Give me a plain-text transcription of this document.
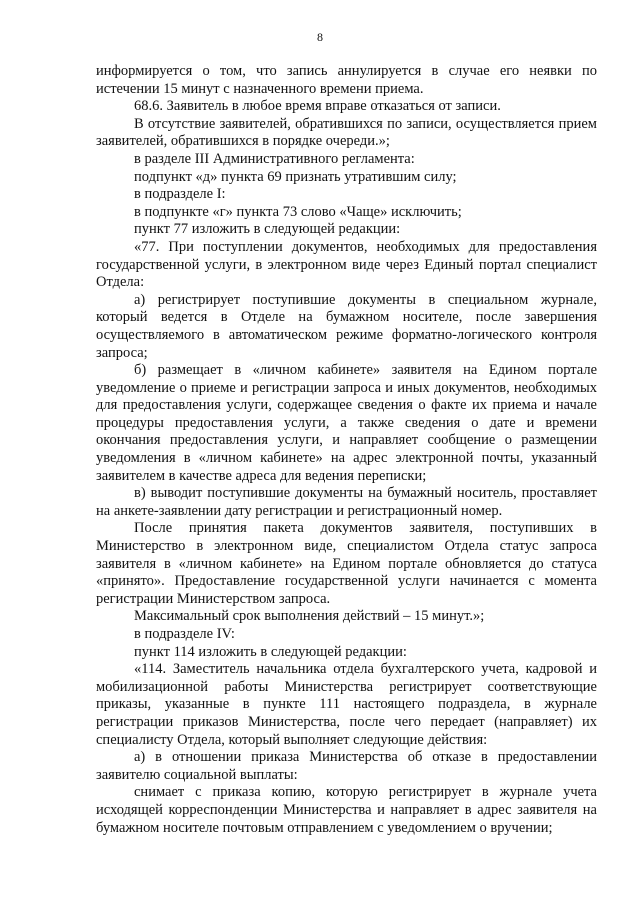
8

информируется о том, что запись аннулируется в случае его неявки по истечении 15 минут с назначенного времени приема.

68.6. Заявитель в любое время вправе отказаться от записи.

В отсутствие заявителей, обратившихся по записи, осуществляется прием заявителей, обратившихся в порядке очереди.»;

в разделе III Административного регламента:

подпункт «д» пункта 69 признать утратившим силу;

в подразделе I:

в подпункте «г» пункта 73 слово «Чаще» исключить;

пункт 77 изложить в следующей редакции:

«77. При поступлении документов, необходимых для предоставления государственной услуги, в электронном виде через Единый портал специалист Отдела:

а) регистрирует поступившие документы в специальном журнале, который ведется в Отделе на бумажном носителе, после завершения осуществляемого в автоматическом режиме форматно-логического контроля запроса;

б) размещает в «личном кабинете» заявителя на Едином портале уведомление о приеме и регистрации запроса и иных документов, необходимых для предоставления услуги, содержащее сведения о факте их приема и начале процедуры предоставления услуги, а также сведения о дате и времени окончания предоставления услуги, и направляет сообщение о размещении уведомления в «личном кабинете» на адрес электронной почты, указанный заявителем в качестве адреса для ведения переписки;

в) выводит поступившие документы на бумажный носитель, проставляет на анкете-заявлении дату регистрации и регистрационный номер.

После принятия пакета документов заявителя, поступивших в Министерство в электронном виде, специалистом Отдела статус запроса заявителя в «личном кабинете» на Едином портале обновляется до статуса «принято». Предоставление государственной услуги начинается с момента регистрации Министерством запроса.

Максимальный срок выполнения действий – 15 минут.»;

в подразделе IV:

пункт 114 изложить в следующей редакции:

«114. Заместитель начальника отдела бухгалтерского учета, кадровой и мобилизационной работы Министерства регистрирует соответствующие приказы, указанные в пункте 111 настоящего подраздела, в журнале регистрации приказов Министерства, после чего передает (направляет) их специалисту Отдела, который выполняет следующие действия:

а) в отношении приказа Министерства об отказе в предоставлении заявителю социальной выплаты:

снимает с приказа копию, которую регистрирует в журнале учета исходящей корреспонденции Министерства и направляет в адрес заявителя на бумажном носителе почтовым отправлением с уведомлением о вручении;
